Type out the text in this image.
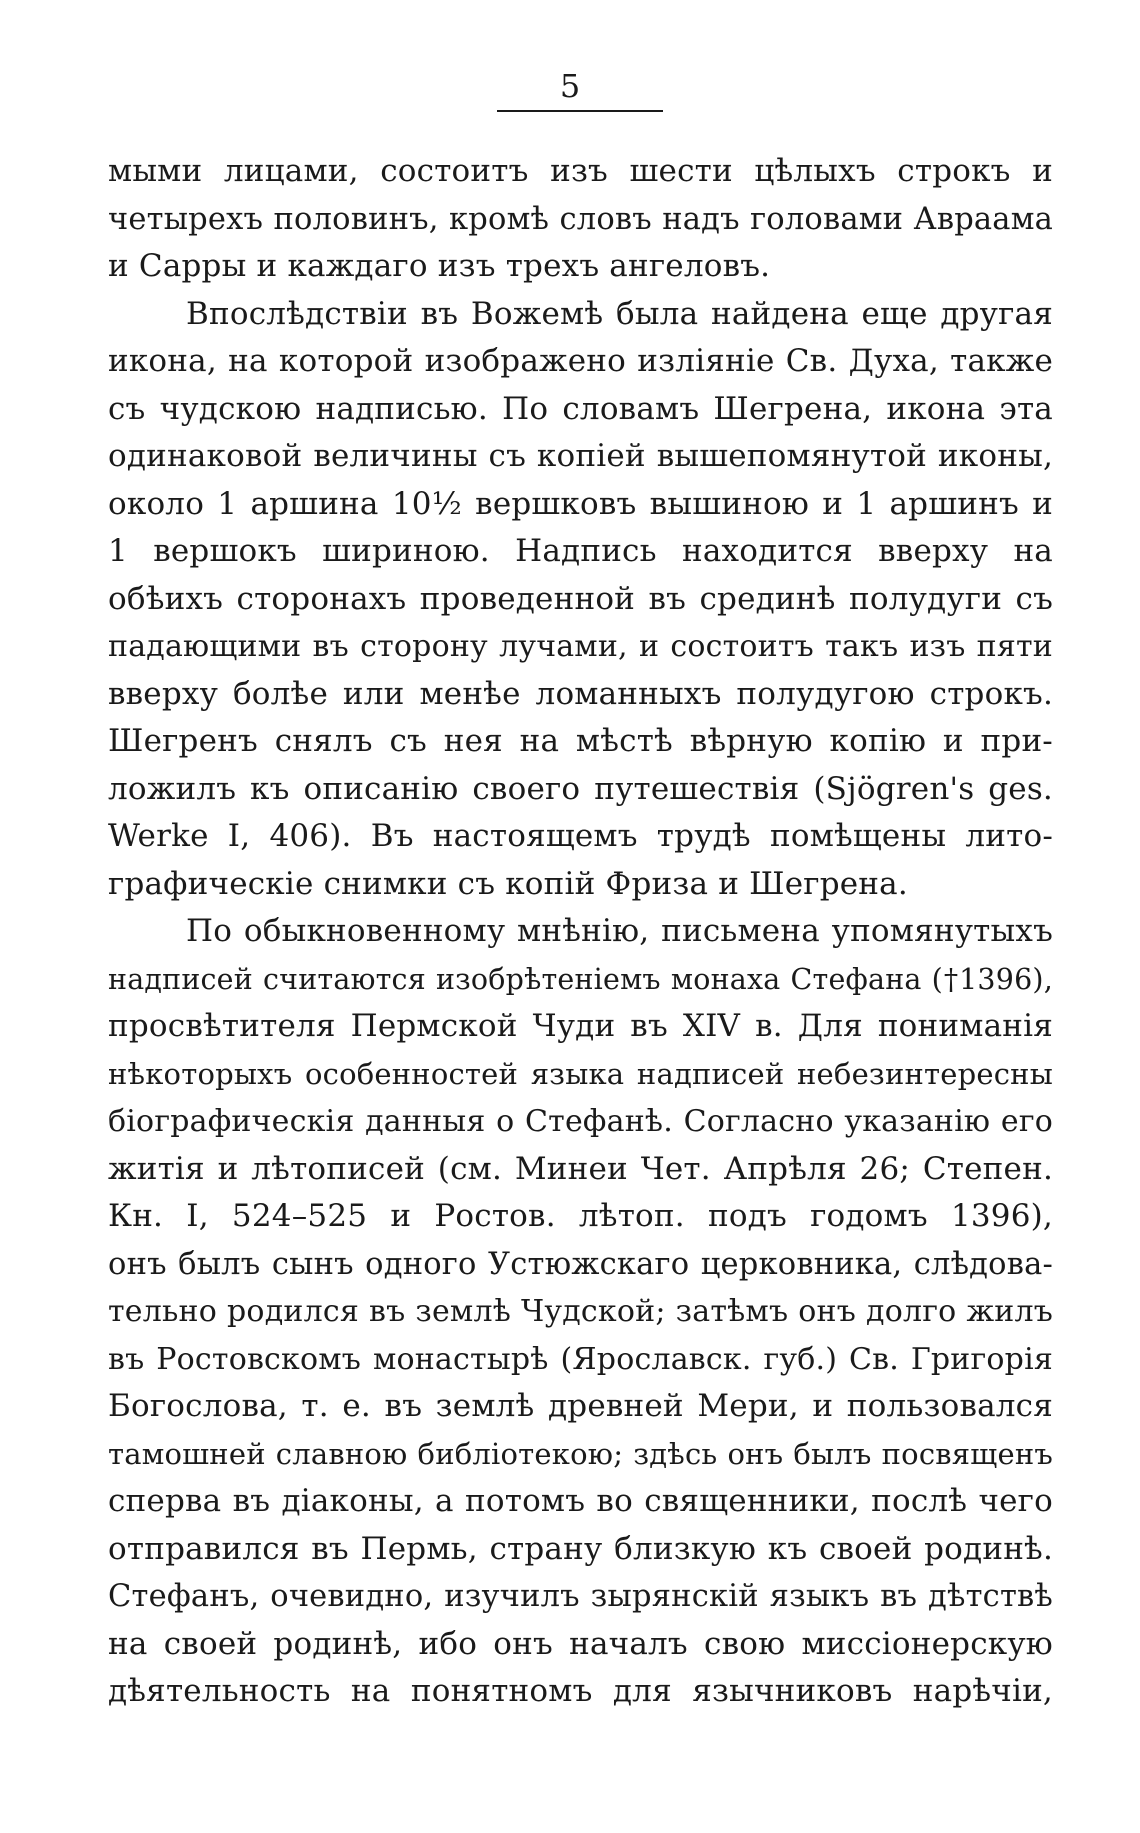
5
мыми лицами, состоитъ изъ шести цѣлыхъ строкъ и
четырехъ половинъ, кромѣ словъ надъ головами Авраама
и Сарры и каждаго изъ трехъ ангеловъ.
Впослѣдствіи въ Вожемѣ была найдена еще другая
икона, на которой изображено изліяніе Св. Духа, также
съ чудскою надписью. По словамъ Шегрена, икона эта
одинаковой величины съ копіей вышепомянутой иконы,
около 1 аршина 10½ вершковъ вышиною и 1 аршинъ и
1 вершокъ шириною. Надпись находится вверху на
обѣихъ сторонахъ проведенной въ срединѣ полудуги съ
падающими въ сторону лучами, и состоитъ такъ изъ пяти
вверху болѣе или менѣе ломанныхъ полудугою строкъ.
Шегренъ снялъ съ нея на мѣстѣ вѣрную копію и при-
ложилъ къ описанію своего путешествія (Sjögren's ges.
Werke I, 406). Въ настоящемъ трудѣ помѣщены лито-
графическіе снимки съ копій Фриза и Шегрена.
По обыкновенному мнѣнію, письмена упомянутыхъ
надписей считаются изобрѣтеніемъ монаха Стефана (†1396),
просвѣтителя Пермской Чуди въ XIV в. Для пониманія
нѣкоторыхъ особенностей языка надписей небезинтересны
біографическія данныя о Стефанѣ. Согласно указанію его
житія и лѣтописей (см. Минеи Чет. Апрѣля 26; Степен.
Кн. I, 524–525 и Ростов. лѣтоп. подъ годомъ 1396),
онъ былъ сынъ одного Устюжскаго церковника, слѣдова-
тельно родился въ землѣ Чудской; затѣмъ онъ долго жилъ
въ Ростовскомъ монастырѣ (Ярославск. губ.) Св. Григорія
Богослова, т. е. въ землѣ древней Мери, и пользовался
тамошней славною библіотекою; здѣсь онъ былъ посвященъ
сперва въ діаконы, а потомъ во священники, послѣ чего
отправился въ Пермь, страну близкую къ своей родинѣ.
Стефанъ, очевидно, изучилъ зырянскій языкъ въ дѣтствѣ
на своей родинѣ, ибо онъ началъ свою миссіонерскую
дѣятельность на понятномъ для язычниковъ нарѣчіи,
